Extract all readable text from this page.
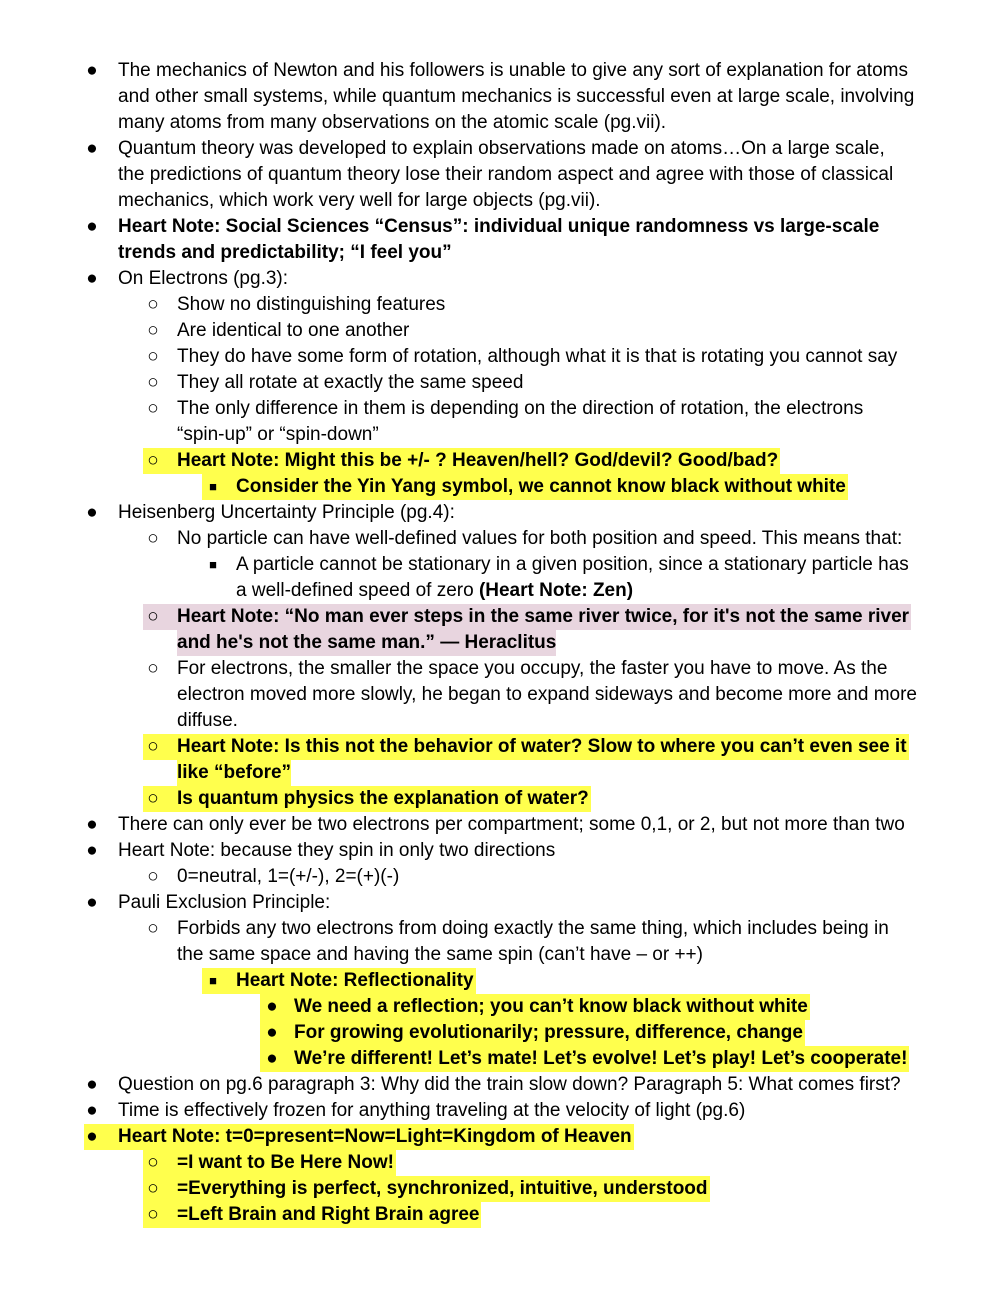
● The mechanics of Newton and his followers is unable to give any sort of explanation for atoms
and other small systems, while quantum mechanics is successful even at large scale, involving
many atoms from many observations on the atomic scale (pg.vii).
● Quantum theory was developed to explain observations made on atoms…On a large scale,
the predictions of quantum theory lose their random aspect and agree with those of classical
mechanics, which work very well for large objects (pg.vii).
● Heart Note: Social Sciences “Census”: individual unique randomness vs large-scale
trends and predictability; “I feel you”
● On Electrons (pg.3):
○ Show no distinguishing features
○ Are identical to one another
○ They do have some form of rotation, although what it is that is rotating you cannot say
○ They all rotate at exactly the same speed
○ The only difference in them is depending on the direction of rotation, the electrons
“spin-up” or “spin-down”
○ Heart Note: Might this be +/- ? Heaven/hell? God/devil? Good/bad?
■	Consider the Yin Yang symbol, we cannot know black without white
● Heisenberg Uncertainty Principle (pg.4):
○ No particle can have well-defined values for both position and speed. This means that:
■	A particle cannot be stationary in a given position, since a stationary particle has
a well-defined speed of zero (Heart Note: Zen)
○ Heart Note: “No man ever steps in the same river twice, for it's not the same river
and he's not the same man.” — Heraclitus
○ For electrons, the smaller the space you occupy, the faster you have to move. As the
electron moved more slowly, he began to expand sideways and become more and more
diffuse.
○ Heart Note: Is this not the behavior of water? Slow to where you can’t even see it
like “before”
○ Is quantum physics the explanation of water?
● There can only ever be two electrons per compartment; some 0,1, or 2, but not more than two
● Heart Note: because they spin in only two directions
○ 0=neutral, 1=(+/-), 2=(+)(-)
● Pauli Exclusion Principle:
○ Forbids any two electrons from doing exactly the same thing, which includes being in
the same space and having the same spin (can’t have – or ++)
■	Heart Note: Reflectionality
● We need a reflection; you can’t know black without white
● For growing evolutionarily; pressure, difference, change
● We’re different! Let’s mate! Let’s evolve! Let’s play! Let’s cooperate!
● Question on pg.6 paragraph 3: Why did the train slow down? Paragraph 5: What comes first?
● Time is effectively frozen for anything traveling at the velocity of light (pg.6)
●	Heart Note: t=0=present=Now=Light=Kingdom of Heaven
○ =I want to Be Here Now!
○ =Everything is perfect, synchronized, intuitive, understood
○ =Left Brain and Right Brain agree
